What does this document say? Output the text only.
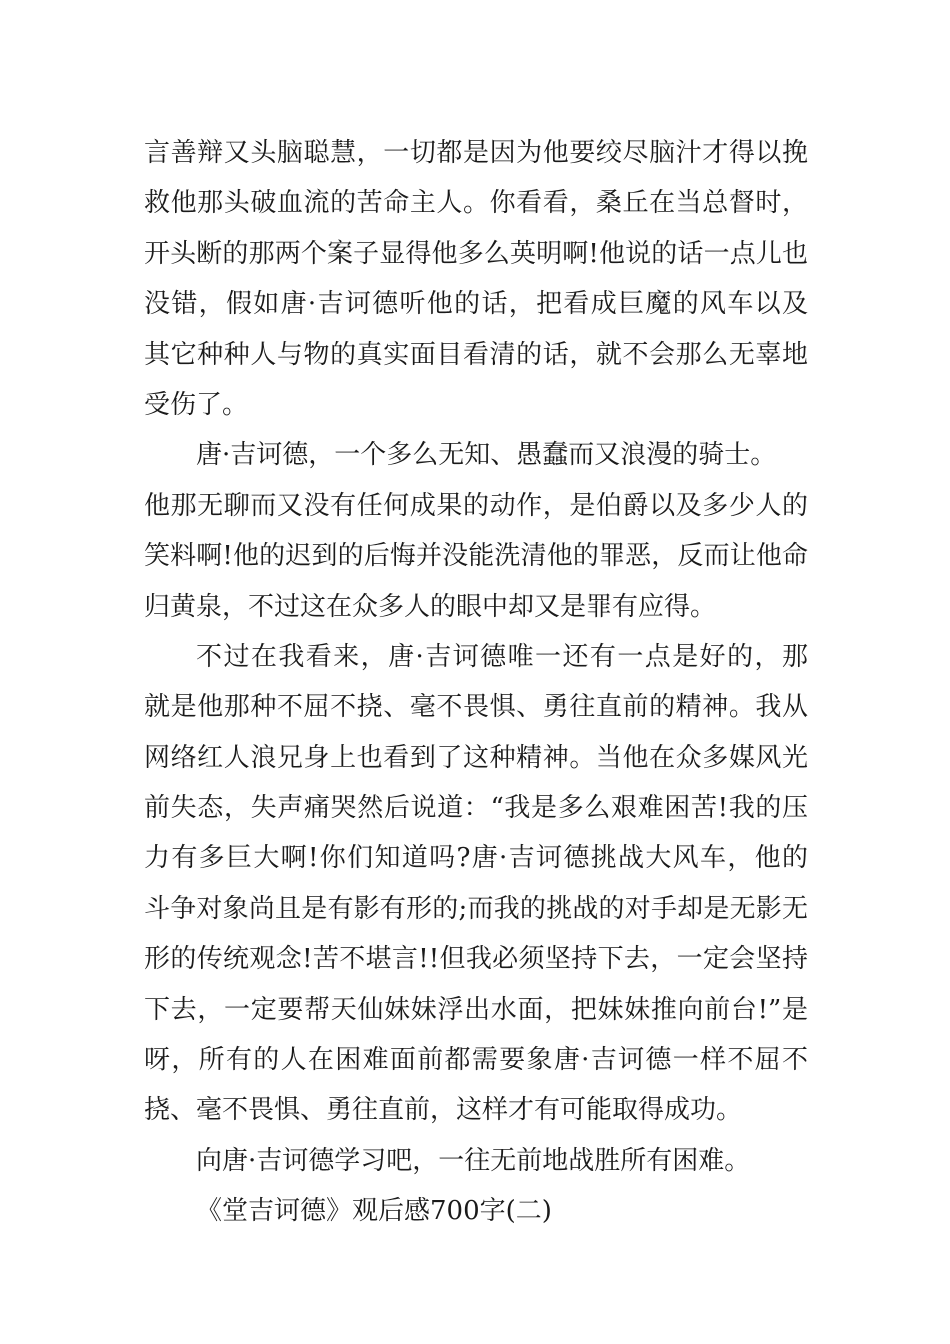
言善辩又头脑聪慧，一切都是因为他要绞尽脑汁才得以挽
救他那头破血流的苦命主人。你看看，桑丘在当总督时，
开头断的那两个案子显得他多么英明啊!他说的话一点儿也
没错，假如唐·吉诃德听他的话，把看成巨魔的风车以及
其它种种人与物的真实面目看清的话，就不会那么无辜地
受伤了。

唐·吉诃德，一个多么无知、愚蠢而又浪漫的骑士。
他那无聊而又没有任何成果的动作，是伯爵以及多少人的
笑料啊!他的迟到的后悔并没能洗清他的罪恶，反而让他命
归黄泉，不过这在众多人的眼中却又是罪有应得。

不过在我看来，唐·吉诃德唯一还有一点是好的，那
就是他那种不屈不挠、毫不畏惧、勇往直前的精神。我从
网络红人浪兄身上也看到了这种精神。当他在众多媒风光
前失态，失声痛哭然后说道：“我是多么艰难困苦!我的压
力有多巨大啊!你们知道吗?唐·吉诃德挑战大风车，他的
斗争对象尚且是有影有形的;而我的挑战的对手却是无影无
形的传统观念!苦不堪言!!但我必须坚持下去，一定会坚持
下去，一定要帮天仙妹妹浮出水面，把妹妹推向前台!”是
呀，所有的人在困难面前都需要象唐·吉诃德一样不屈不
挠、毫不畏惧、勇往直前，这样才有可能取得成功。

向唐·吉诃德学习吧，一往无前地战胜所有困难。

《堂吉诃德》观后感700字(二)
